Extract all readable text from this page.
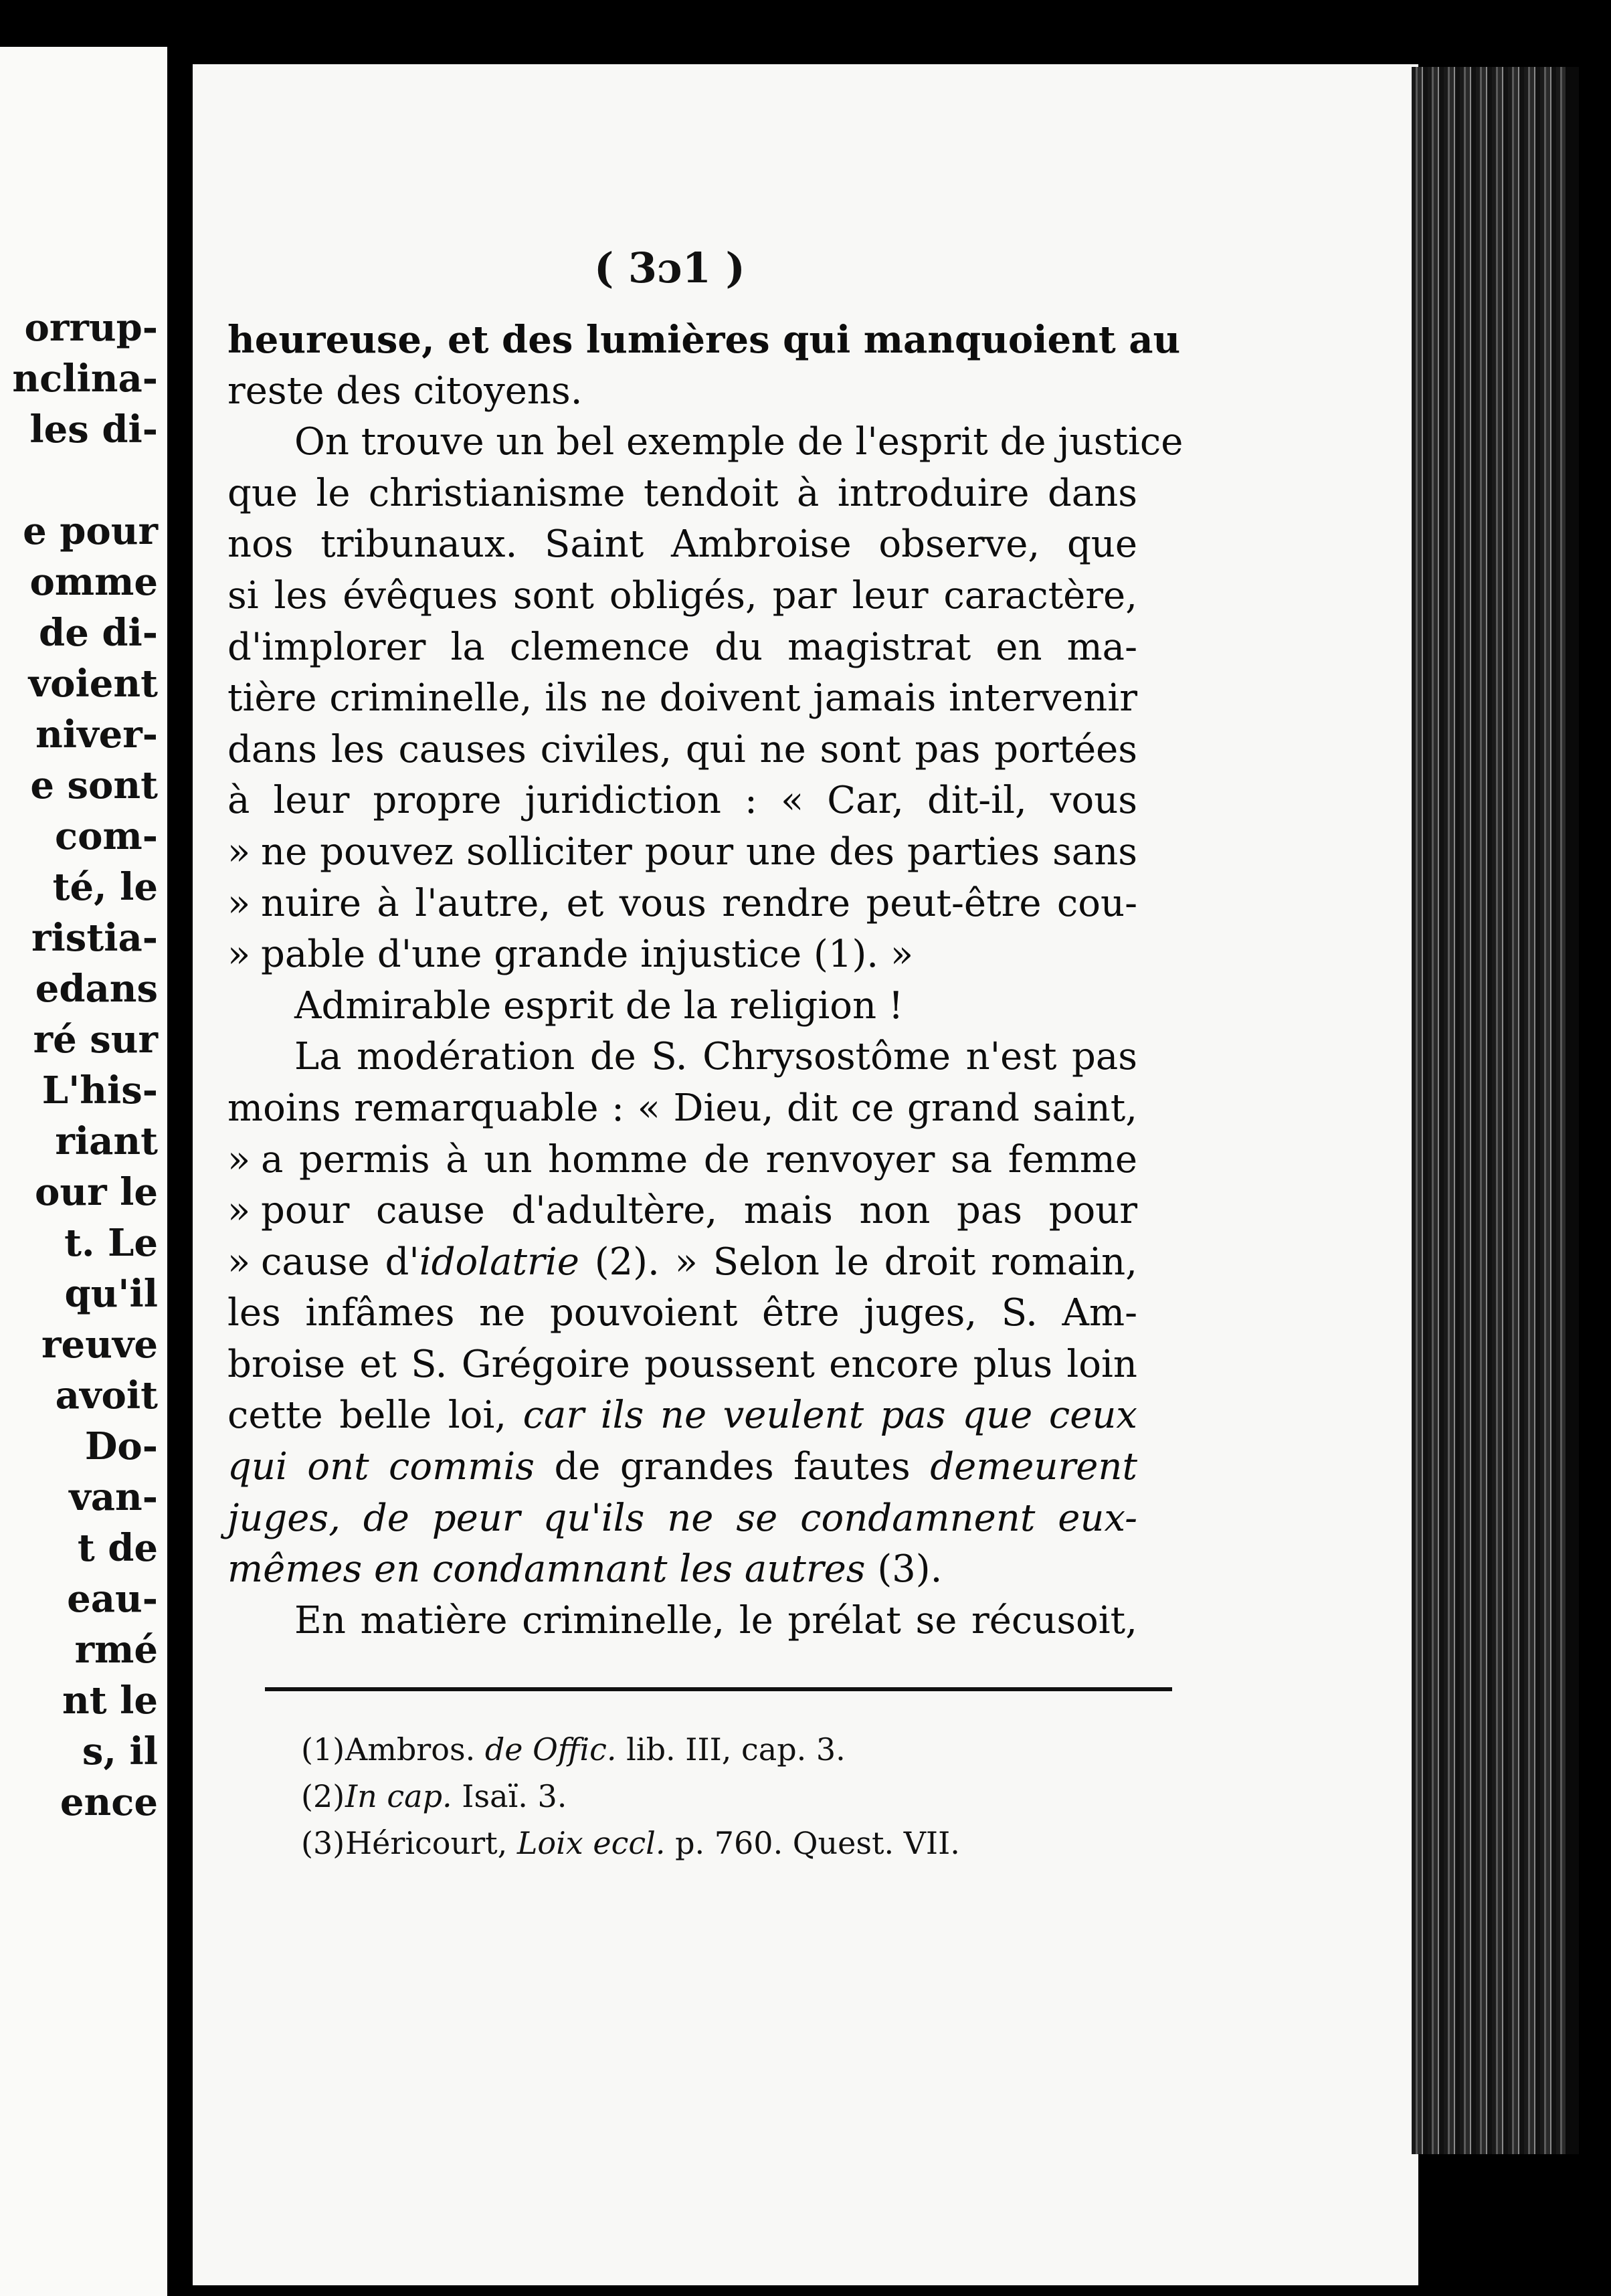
orrup-
nclina-
les di-

e pour
omme
de di-
voient
niver-
e sont
com-
té, le
ristia-
edans
ré sur
L'his-
riant
our le
t. Le
qu'il
reuve
avoit
Do-
van-
t de
eau-
rmé
nt le
s, il
ence
( 3ɔ1 )
heureuse, et des lumières qui manquoient au
reste des citoyens.
On trouve un bel exemple de l'esprit de justice
que le christianisme tendoit à introduire dans
nos tribunaux. Saint Ambroise observe, que
si les évêques sont obligés, par leur caractère,
d'implorer la clemence du magistrat en ma-
tière criminelle, ils ne doivent jamais intervenir
dans les causes civiles, qui ne sont pas portées
à leur propre juridiction : « Car, dit-il, vous
» ne pouvez solliciter pour une des parties sans
» nuire à l'autre, et vous rendre peut-être cou-
» pable d'une grande injustice (1). »
Admirable esprit de la religion !
La modération de S. Chrysostôme n'est pas
moins remarquable : « Dieu, dit ce grand saint,
» a permis à un homme de renvoyer sa femme
» pour cause d'adultère, mais non pas pour
» cause d'idolatrie (2). » Selon le droit romain,
les infâmes ne pouvoient être juges, S. Am-
broise et S. Grégoire poussent encore plus loin
cette belle loi, car ils ne veulent pas que ceux
qui ont commis de grandes fautes demeurent
juges, de peur qu'ils ne se condamnent eux-
mêmes en condamnant les autres (3).
En matière criminelle, le prélat se récusoit,
(1)Ambros. de Offic. lib. III, cap. 3.
(2)In cap. Isaï. 3.
(3)Héricourt, Loix eccl. p. 760. Quest. VII.
